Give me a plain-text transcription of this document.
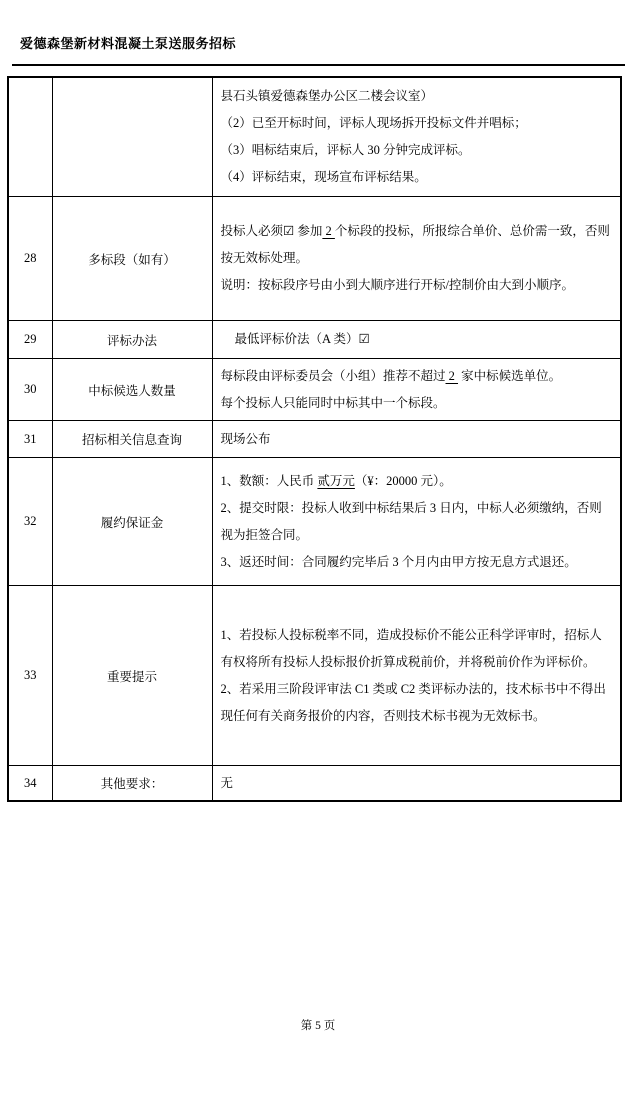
爱德森堡新材料混凝土泵送服务招标

		县石头镇爱德森堡办公区二楼会议室）

（2）已至开标时间，评标人现场拆开投标文件并唱标；

（3）唱标结束后，评标人 30 分钟完成评标。

（4）评标结束，现场宣布评标结果。

28	多标段（如有）	投标人必须☑ 参加 2 个标段的投标，所报综合单价、总价需一致，否则按无效标处理。

说明：按标段序号由小到大顺序进行开标/控制价由大到小顺序。

29	评标办法	最低评标价法（A 类）☑

30	中标候选人数量	每标段由评标委员会（小组）推荐不超过 2  家中标候选单位。

每个投标人只能同时中标其中一个标段。

31	招标相关信息查询	现场公布

32	履约保证金	1、数额：人民币 贰万元（¥：20000 元）。

2、提交时限：投标人收到中标结果后 3 日内，中标人必须缴纳，否则视为拒签合同。

3、返还时间：合同履约完毕后 3 个月内由甲方按无息方式退还。

33	重要提示	1、若投标人投标税率不同，造成投标价不能公正科学评审时，招标人有权将所有投标人投标报价折算成税前价，并将税前价作为评标价。

2、若采用三阶段评审法 C1 类或 C2 类评标办法的，技术标书中不得出现任何有关商务报价的内容，否则技术标书视为无效标书。

34	其他要求：	无

第 5 页
